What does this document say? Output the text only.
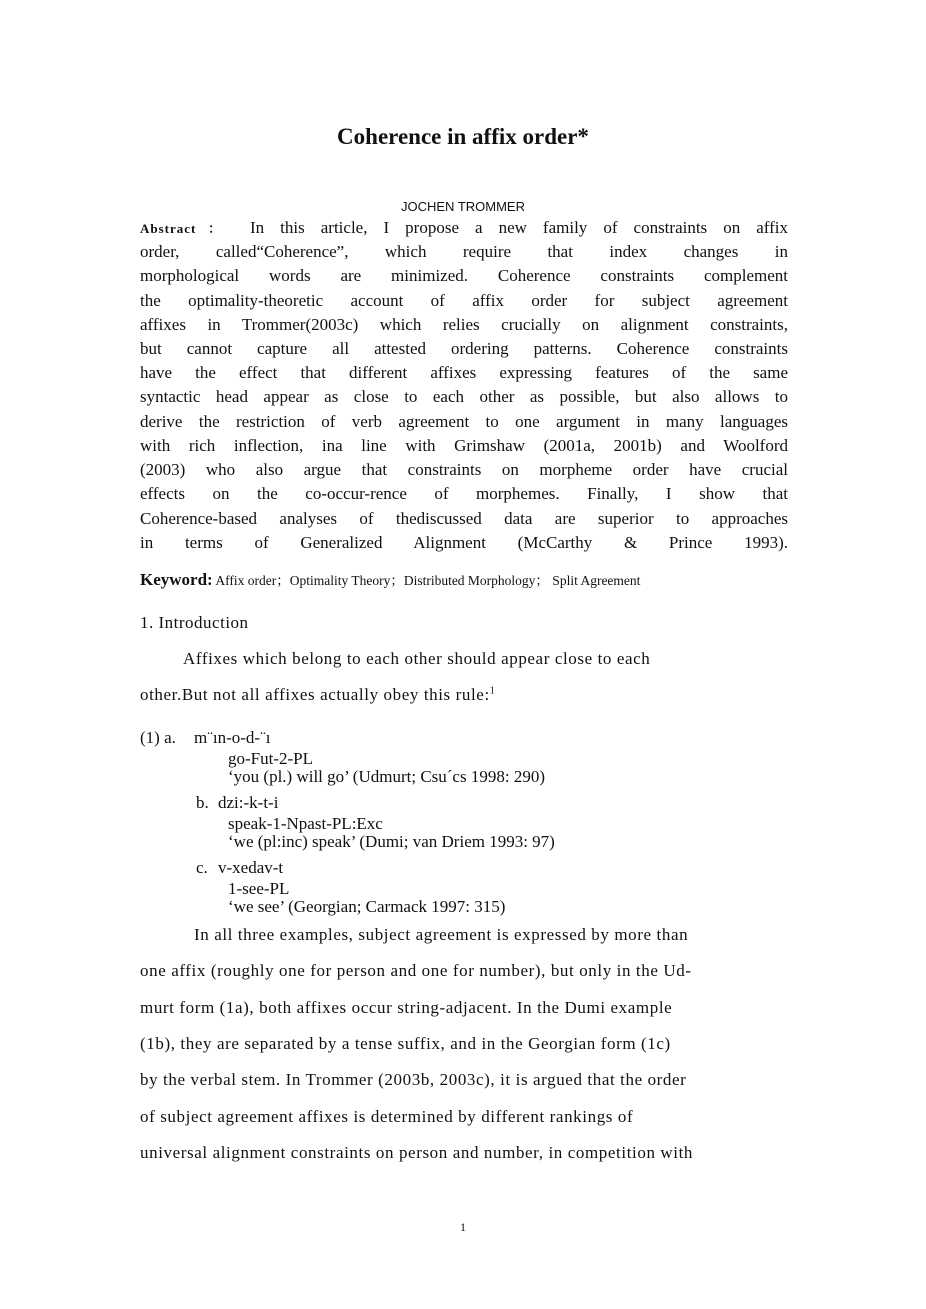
Coherence in affix order*
JOCHEN TROMMER
Abstract： In this article, I propose a new family of constraints on affix
order, called“Coherence”, which require that index changes in
morphological words are minimized. Coherence constraints complement
the optimality-theoretic account of affix order for subject agreement
affixes in Trommer(2003c) which relies crucially on alignment constraints,
but cannot capture all attested ordering patterns. Coherence constraints
have the effect that different affixes expressing features of the same
syntactic head appear as close to each other as possible, but also allows to
derive the restriction of verb agreement to one argument in many languages
with rich inflection, ina line with Grimshaw (2001a, 2001b) and Woolford
(2003) who also argue that constraints on morpheme order have crucial
effects on the co-occur-rence of morphemes. Finally, I show that
Coherence-based analyses of thediscussed data are superior to approaches
in terms of Generalized Alignment (McCarthy & Prince 1993).
Keyword: Affix order；Optimality Theory；Distributed Morphology； Split Agreement
1. Introduction
Affixes which belong to each other should appear close to each
other.But not all affixes actually obey this rule:$^1$
(1) a. m¨ın-o-d-¨ı
go-Fut-2-PL
‘you (pl.) will go’ (Udmurt; Csu´cs 1998: 290)
b. dzi:-k-t-i
speak-1-Npast-PL:Exc
‘we (pl:inc) speak’ (Dumi; van Driem 1993: 97)
c. v-xedav-t
1-see-PL
‘we see’ (Georgian; Carmack 1997: 315)
In all three examples, subject agreement is expressed by more than
one affix (roughly one for person and one for number), but only in the Ud-
murt form (1a), both affixes occur string-adjacent. In the Dumi example
(1b), they are separated by a tense suffix, and in the Georgian form (1c)
by the verbal stem. In Trommer (2003b, 2003c), it is argued that the order
of subject agreement affixes is determined by different rankings of
universal alignment constraints on person and number, in competition with
1
